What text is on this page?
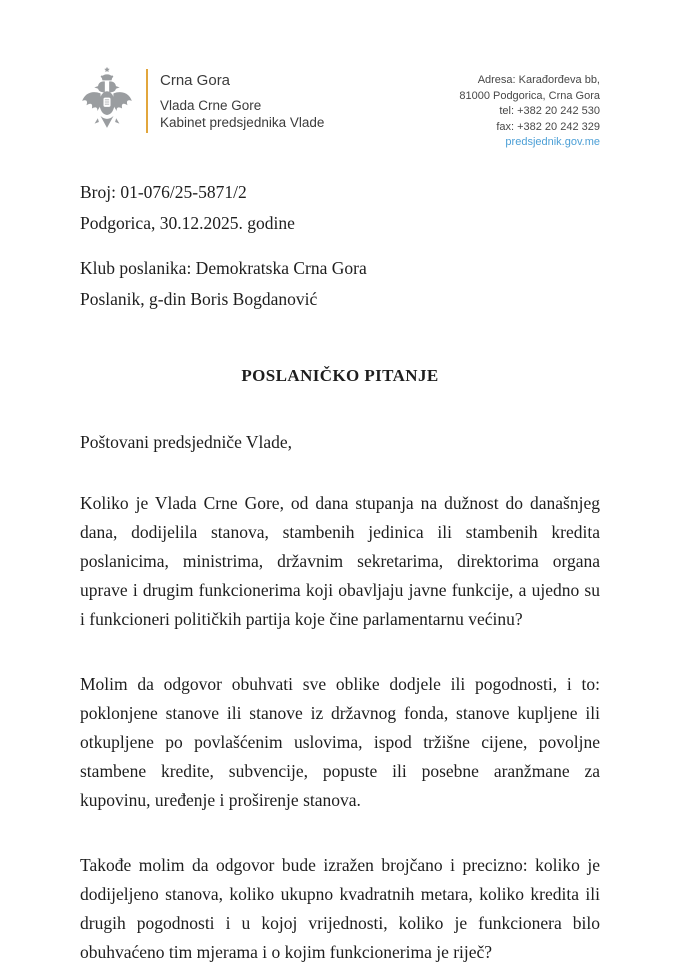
Crna Gora
Vlada Crne Gore
Kabinet predsjednika Vlade
Adresa: Karađorđeva bb,
81000 Podgorica, Crna Gora
tel: +382 20 242 530
fax: +382 20 242 329
predsjednik.gov.me
Broj: 01-076/25-5871/2
Podgorica, 30.12.2025. godine
Klub poslanika: Demokratska Crna Gora
Poslanik, g-din Boris Bogdanović
POSLANIČKO PITANJE
Poštovani predsjedniče Vlade,

Koliko je Vlada Crne Gore, od dana stupanja na dužnost do današnjeg dana, dodijelila stanova, stambenih jedinica ili stambenih kredita poslanicima, ministrima, državnim sekretarima, direktorima organa uprave i drugim funkcionerima koji obavljaju javne funkcije, a ujedno su i funkcioneri političkih partija koje čine parlamentarnu većinu?

Molim da odgovor obuhvati sve oblike dodjele ili pogodnosti, i to: poklonjene stanove ili stanove iz državnog fonda, stanove kupljene ili otkupljene po povlašćenim uslovima, ispod tržišne cijene, povoljne stambene kredite, subvencije, popuste ili posebne aranžmane za kupovinu, uređenje i proširenje stanova.

Takođe molim da odgovor bude izražen brojčano i precizno: koliko je dodijeljeno stanova, koliko ukupno kvadratnih metara, koliko kredita ili drugih pogodnosti i u kojoj vrijednosti, koliko je funkcionera bilo obuhvaćeno tim mjerama i o kojim funkcionerima je riječ?
